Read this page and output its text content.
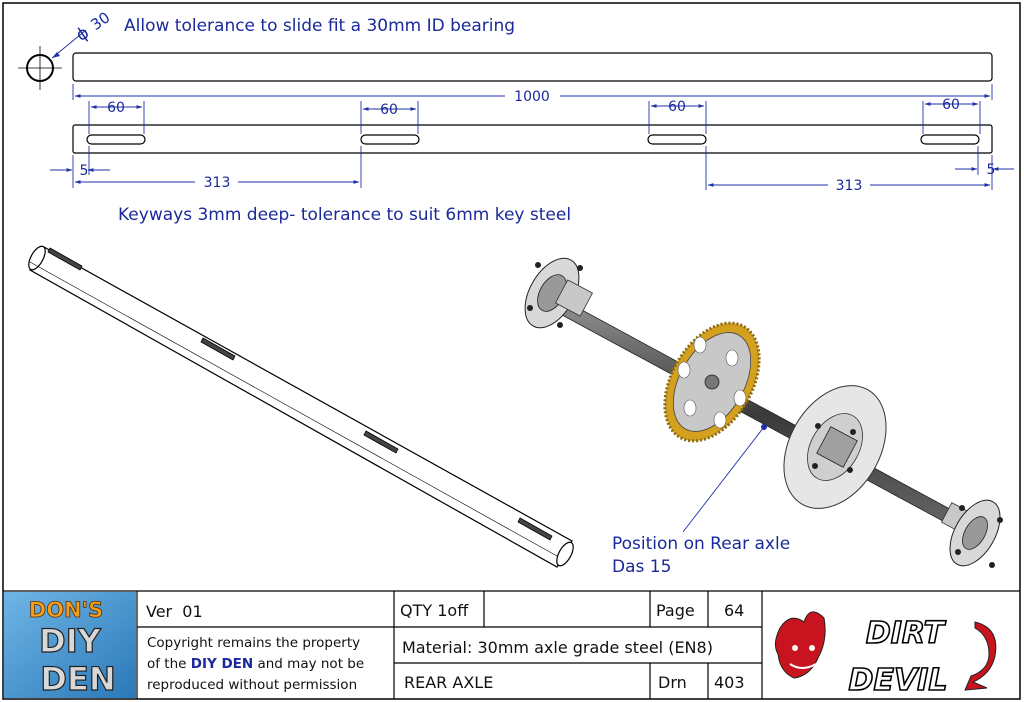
ϕ
30 Allow tolerance to slide fit a 30mm ID bearing
1000
60	60	60	60
5	5
313	313
Keyways 3mm deep- tolerance to suit 6mm key steel
Position on Rear axle
Das 15
DON'S
DIY
DEN
Ver  01	QTY 1off	Page 64
Copyright remains the property
of the DIY DEN and may not be
reproduced without permission
Material: 30mm axle grade steel (EN8)
REAR AXLE	Drn 403
DIRT
DEVIL
